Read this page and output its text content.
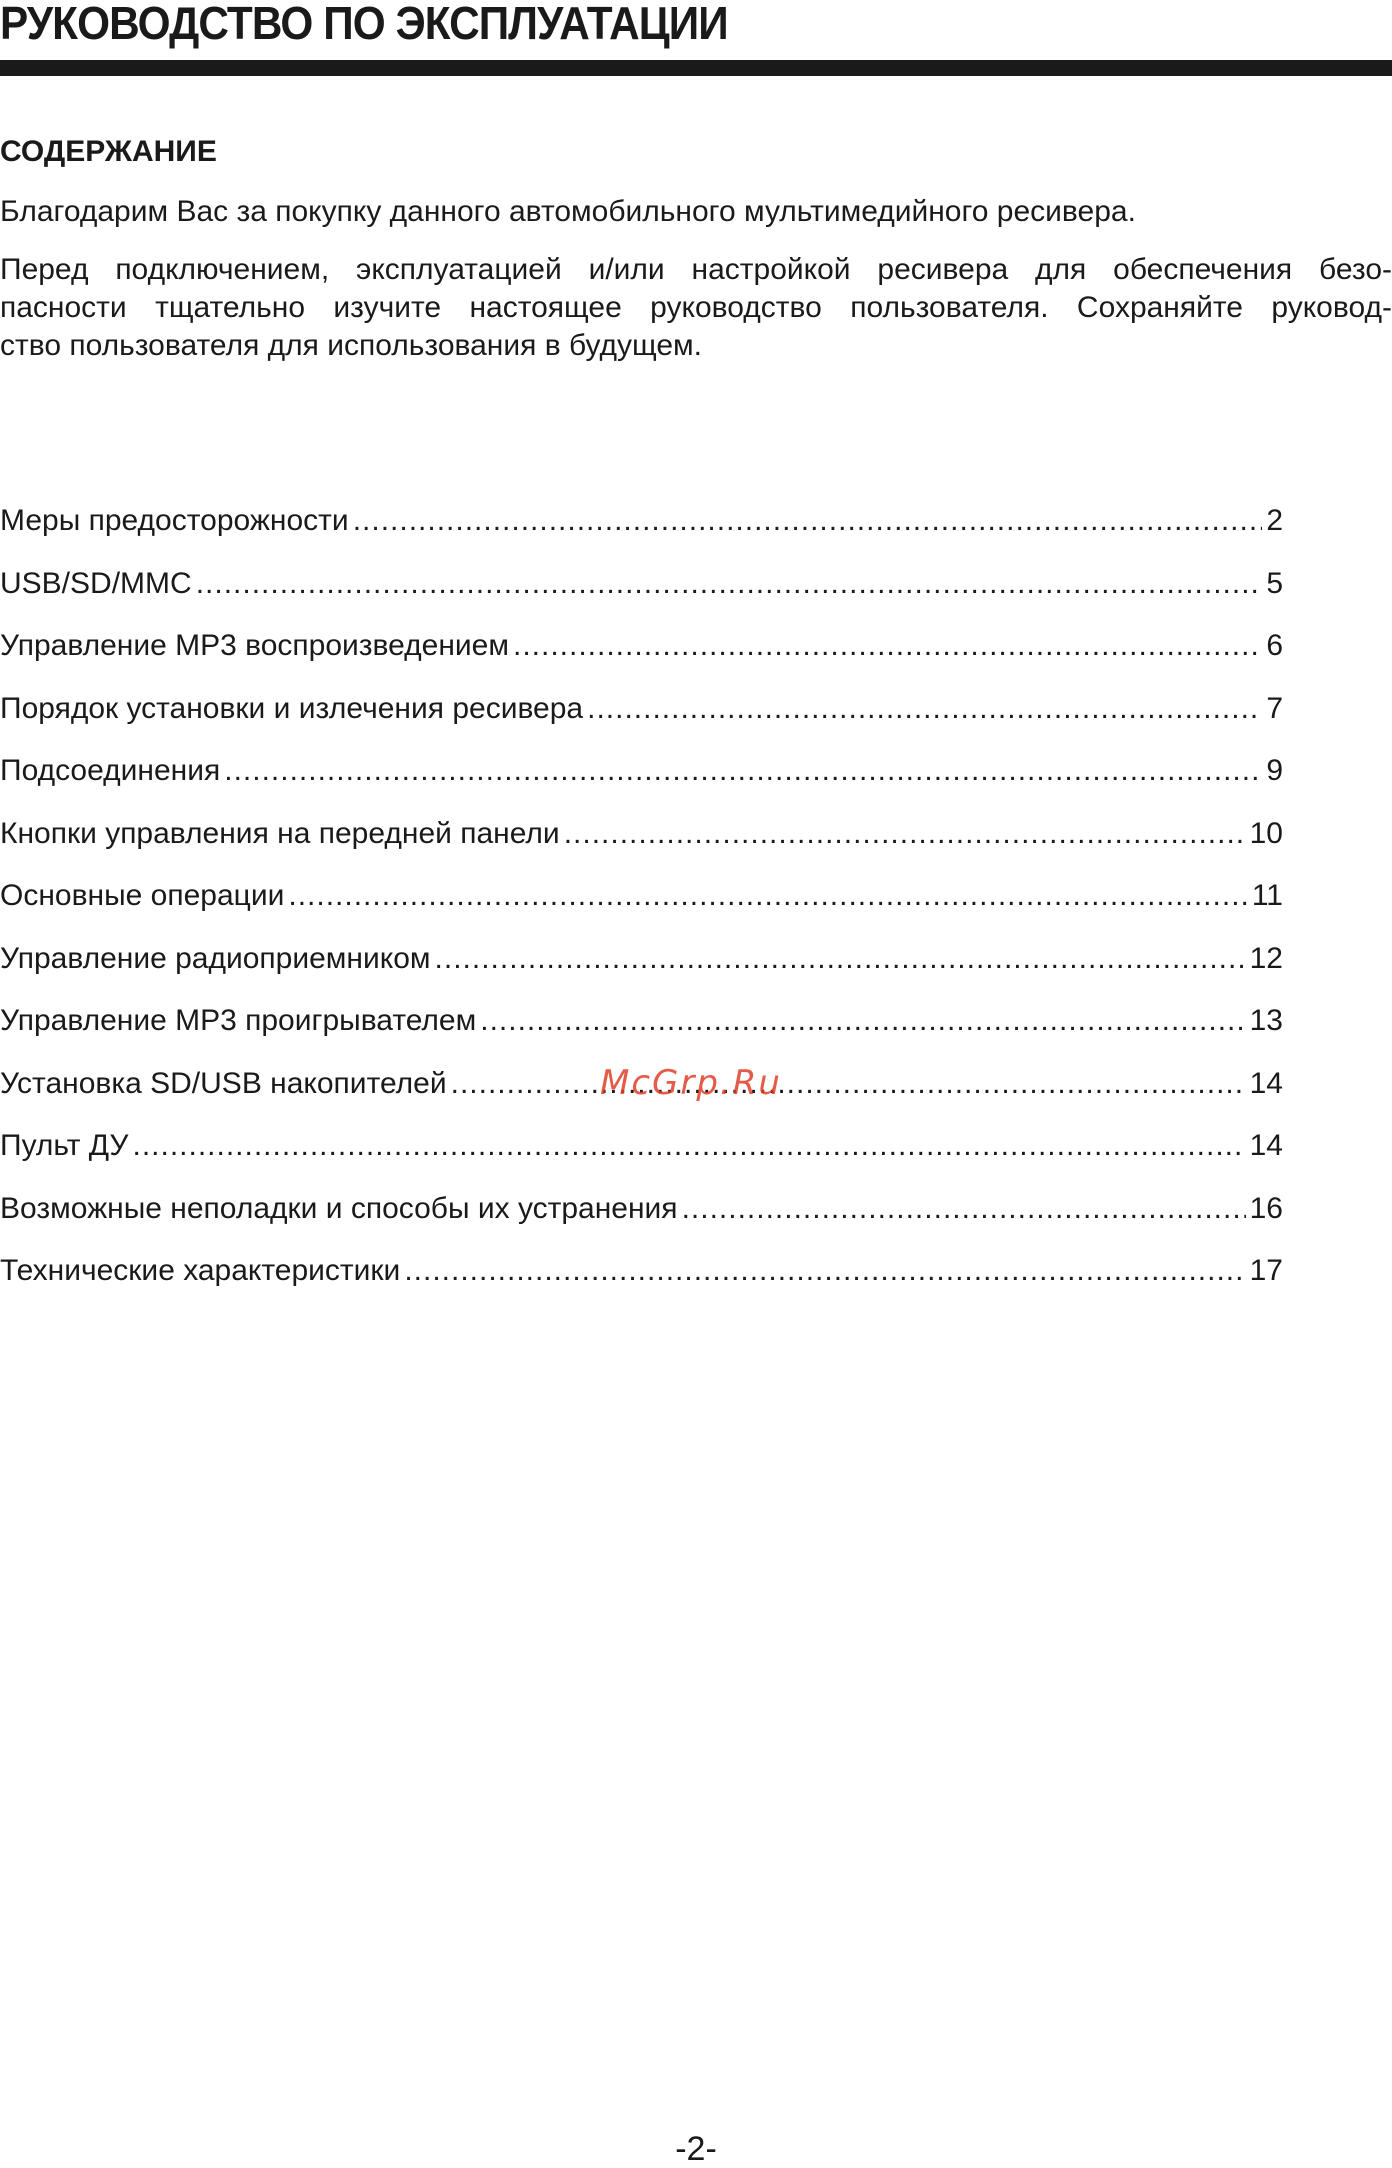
РУКОВОДСТВО ПО ЭКСПЛУАТАЦИИ
СОДЕРЖАНИЕ
Благодарим Вас за покупку данного автомобильного мультимедийного ресивера.
Перед подключением, эксплуатацией и/или настройкой ресивера для обеспечения безо-
пасности тщательно изучите настоящее руководство пользователя. Сохраняйте руковод-
ство пользователя для использования в будущем.
Меры предосторожности .....	2
USB/SD/MMC .....	5
Управление MP3 воспроизведением .....	6
Порядок установки и излечения ресивера .....	7
Подсоединения .....	9
Кнопки управления на передней панели .....	10
Основные операции .....	11
Управление радиоприемником .....	12
Управление MP3 проигрывателем .....	13
Установка SD/USB накопителей .....	14
Пульт ДУ .....	14
Возможные неполадки и способы их устранения .....	16
Технические характеристики .....	17
McGrp.Ru
-2-
